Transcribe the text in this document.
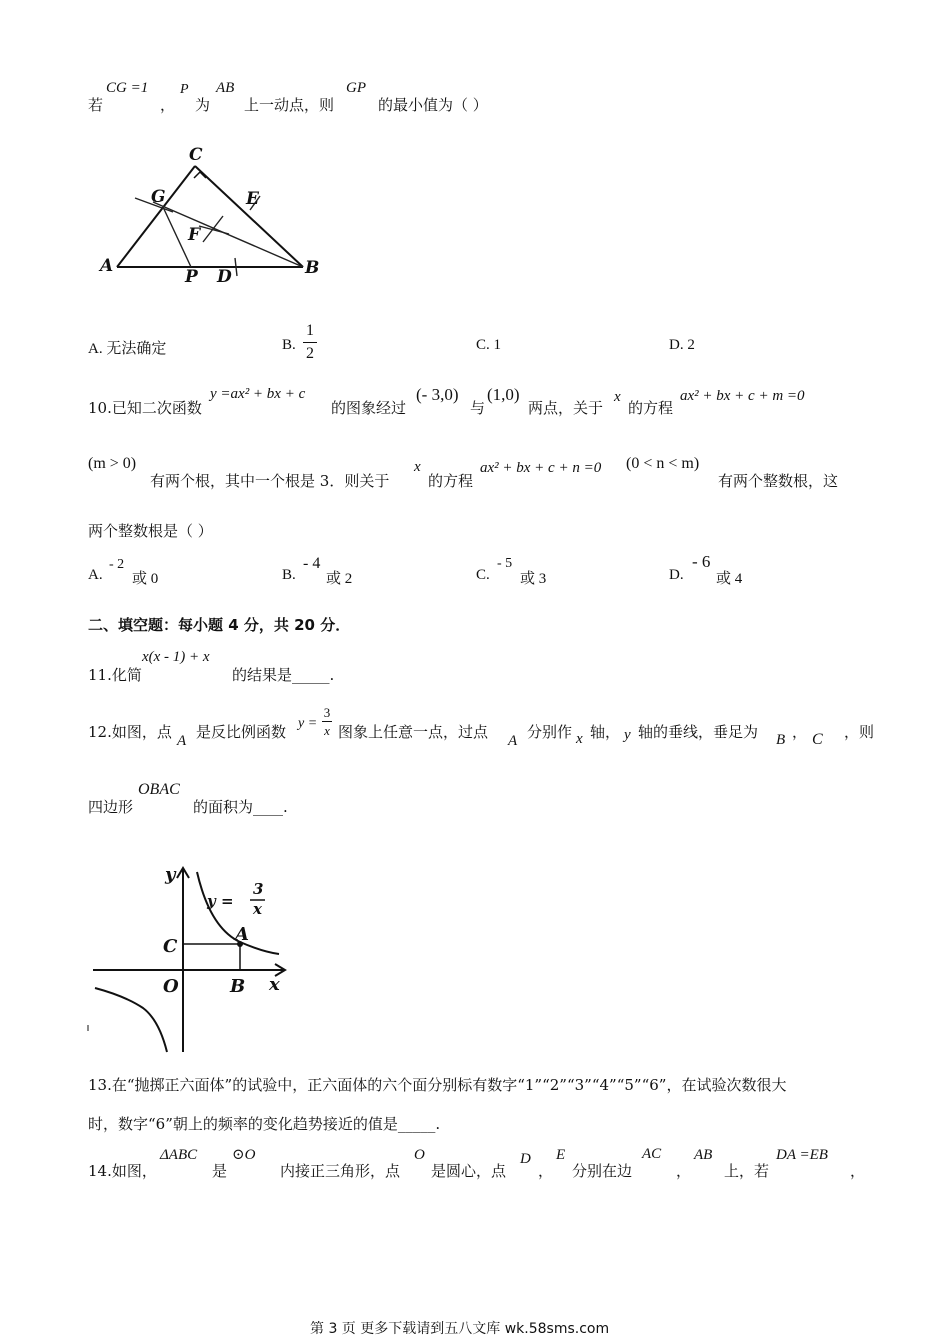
若
CG =1
，
P
为
AB
上一动点，则
GP
的最小值为（ ）
C
G	E
F
A	B
P D
A. 无法确定	B.
1
2	C. 1	D. 2
10.已知二次函数
y =ax² + bx + c
的图象经过
(- 3,0)
与
(1,0)
两点，关于
x
的方程
ax² + bx + c + m =0
(m > 0)
有两个根，其中一个根是 3．则关于
x
的方程
ax² + bx + c + n =0 (0 < n < m)
有两个整数根，这
两个整数根是（ ）
A.
- 2
或 0	B.
- 4
或 2	C.
- 5
或 3	D.
- 6
或 4
二、填空题：每小题 4 分，共 20 分．
11.化简
x(x - 1) + x
的结果是_____.
12.如图，点 A 是反比例函数 y =
3
x 图象上任意一点，过点 A 分别作 x 轴， y 轴的垂线，垂足为 B ， C ，则
四边形
OBAC
的面积为____.
y
x
C
O	B
A
y =
3
x
13.在“抛掷正六面体”的试验中，正六面体的六个面分别标有数字“1”“2”“3”“4”“5”“6”，在试验次数很大
时，数字“6”朝上的频率的变化趋势接近的值是_____.
14.如图，
ΔABC
是
⊙O
内接正三角形，点
O
是圆心，点
D
，
E
分别在边
AC
，
AB
上，若
DA =EB
，
第 3 页 更多下载请到五八文库 wk.58sms.com
